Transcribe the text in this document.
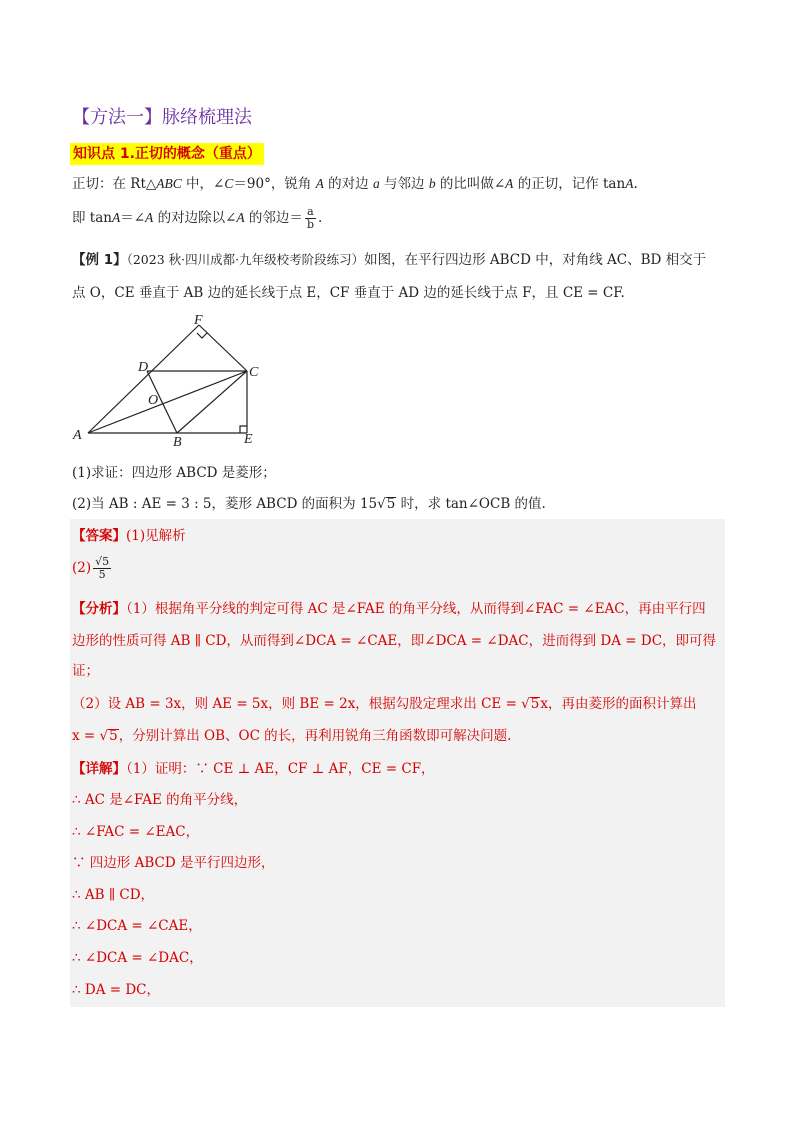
【方法一】脉络梳理法
知识点 1.正切的概念（重点）
正切：在 Rt△ABC 中，∠C＝90°，锐角 A 的对边 a 与邻边 b 的比叫做∠A 的正切，记作 tanA.
即 tanA＝∠A 的对边除以∠A 的邻边＝ $\frac{a}{b}$ .
【例 1】（2023 秋·四川成都·九年级校考阶段练习）如图，在平行四边形 ABCD 中，对角线 AC、BD 相交于
点 O，CE 垂直于 AB 边的延长线于点 E，CF 垂直于 AD 边的延长线于点 F，且 CE = CF.
F
D	C
O
A	B	E
(1)求证：四边形 ABCD 是菱形；
(2)当 AB : AE = 3 : 5，菱形 ABCD 的面积为 15√5 时，求 tan∠OCB 的值.
【答案】(1)见解析
$(2) \frac{√5}{5}$
【分析】（1）根据角平分线的判定可得 AC 是∠FAE 的角平分线，从而得到∠FAC = ∠EAC，再由平行四
边形的性质可得 AB ∥ CD，从而得到∠DCA = ∠CAE，即∠DCA = ∠DAC，进而得到 DA = DC，即可得
证；
（2）设 AB = 3x，则 AE = 5x，则 BE = 2x，根据勾股定理求出 CE = √5x，再由菱形的面积计算出
x = √5，分别计算出 OB、OC 的长，再利用锐角三角函数即可解决问题.
【详解】（1）证明：∵ CE ⊥ AE，CF ⊥ AF，CE = CF，
∴ AC 是∠FAE 的角平分线，
∴ ∠FAC = ∠EAC，
∵ 四边形 ABCD 是平行四边形，
∴ AB ∥ CD，
∴ ∠DCA = ∠CAE，
∴ ∠DCA = ∠DAC，
∴ DA = DC，
